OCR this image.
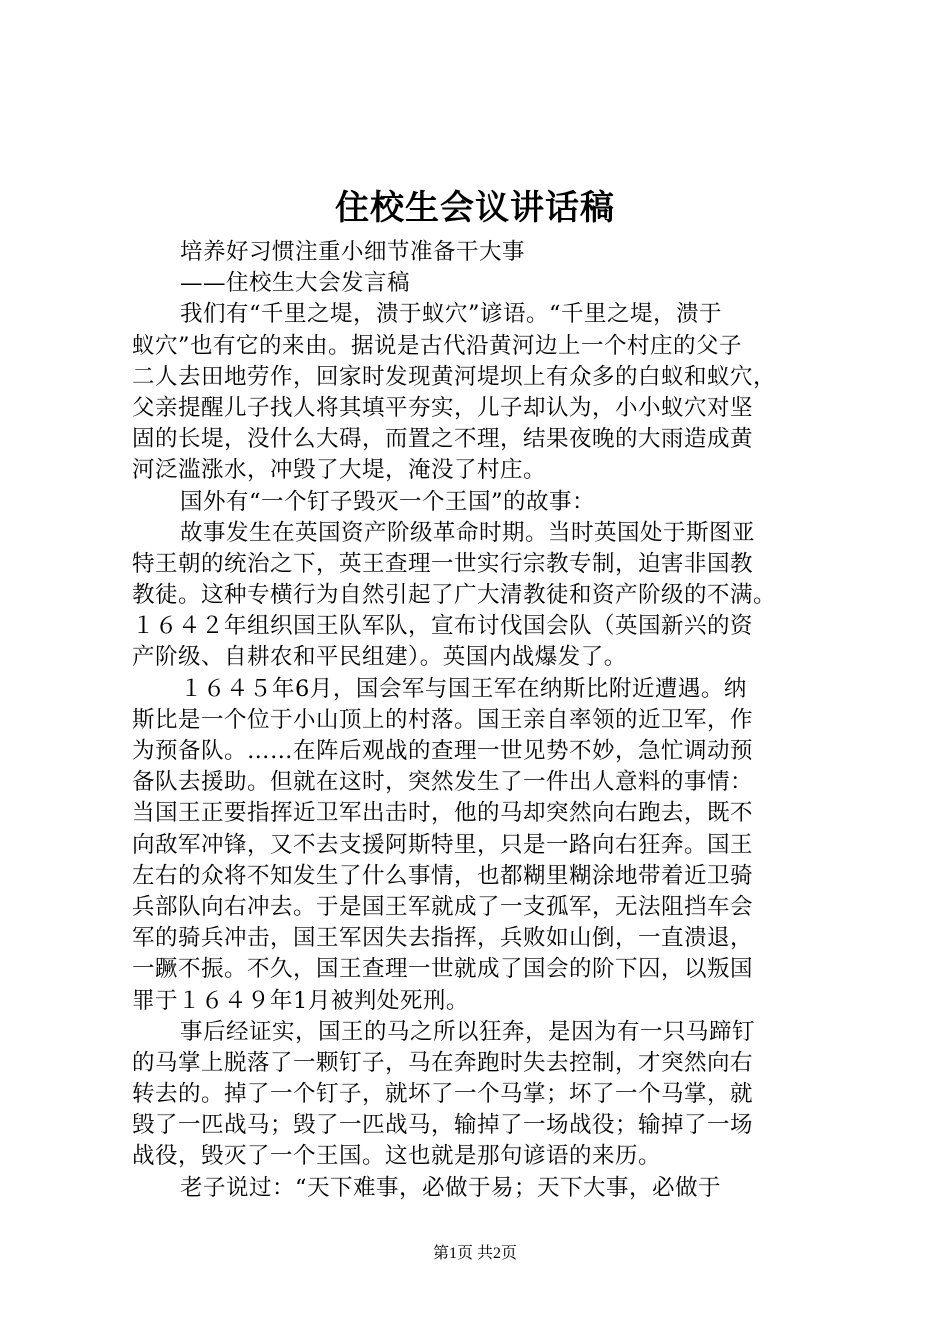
住校生会议讲话稿
培养好习惯注重小细节准备干大事
——住校生大会发言稿
我们有“千里之堤，溃于蚁穴”谚语。“千里之堤，溃于
蚁穴”也有它的来由。据说是古代沿黄河边上一个村庄的父子
二人去田地劳作，回家时发现黄河堤坝上有众多的白蚁和蚁穴，
父亲提醒儿子找人将其填平夯实，儿子却认为，小小蚁穴对坚
固的长堤，没什么大碍，而置之不理，结果夜晚的大雨造成黄
河泛滥涨水，冲毁了大堤，淹没了村庄。
国外有“一个钉子毁灭一个王国”的故事：
故事发生在英国资产阶级革命时期。当时英国处于斯图亚
特王朝的统治之下，英王查理一世实行宗教专制，迫害非国教
教徒。这种专横行为自然引起了广大清教徒和资产阶级的不满。
１６４２年组织国王队军队，宣布讨伐国会队（英国新兴的资
产阶级、自耕农和平民组建）。英国内战爆发了。
１６４５年6月，国会军与国王军在纳斯比附近遭遇。纳
斯比是一个位于小山顶上的村落。国王亲自率领的近卫军，作
为预备队。……在阵后观战的查理一世见势不妙，急忙调动预
备队去援助。但就在这时，突然发生了一件出人意料的事情：
当国王正要指挥近卫军出击时，他的马却突然向右跑去，既不
向敌军冲锋，又不去支援阿斯特里，只是一路向右狂奔。国王
左右的众将不知发生了什么事情，也都糊里糊涂地带着近卫骑
兵部队向右冲去。于是国王军就成了一支孤军，无法阻挡车会
军的骑兵冲击，国王军因失去指挥，兵败如山倒，一直溃退，
一蹶不振。不久，国王查理一世就成了国会的阶下囚，以叛国
罪于１６４９年1月被判处死刑。
事后经证实，国王的马之所以狂奔，是因为有一只马蹄钉
的马掌上脱落了一颗钉子，马在奔跑时失去控制，才突然向右
转去的。掉了一个钉子，就坏了一个马掌；坏了一个马掌，就
毁了一匹战马；毁了一匹战马，输掉了一场战役；输掉了一场
战役，毁灭了一个王国。这也就是那句谚语的来历。
老子说过：“天下难事，必做于易；天下大事，必做于
第1页 共2页
